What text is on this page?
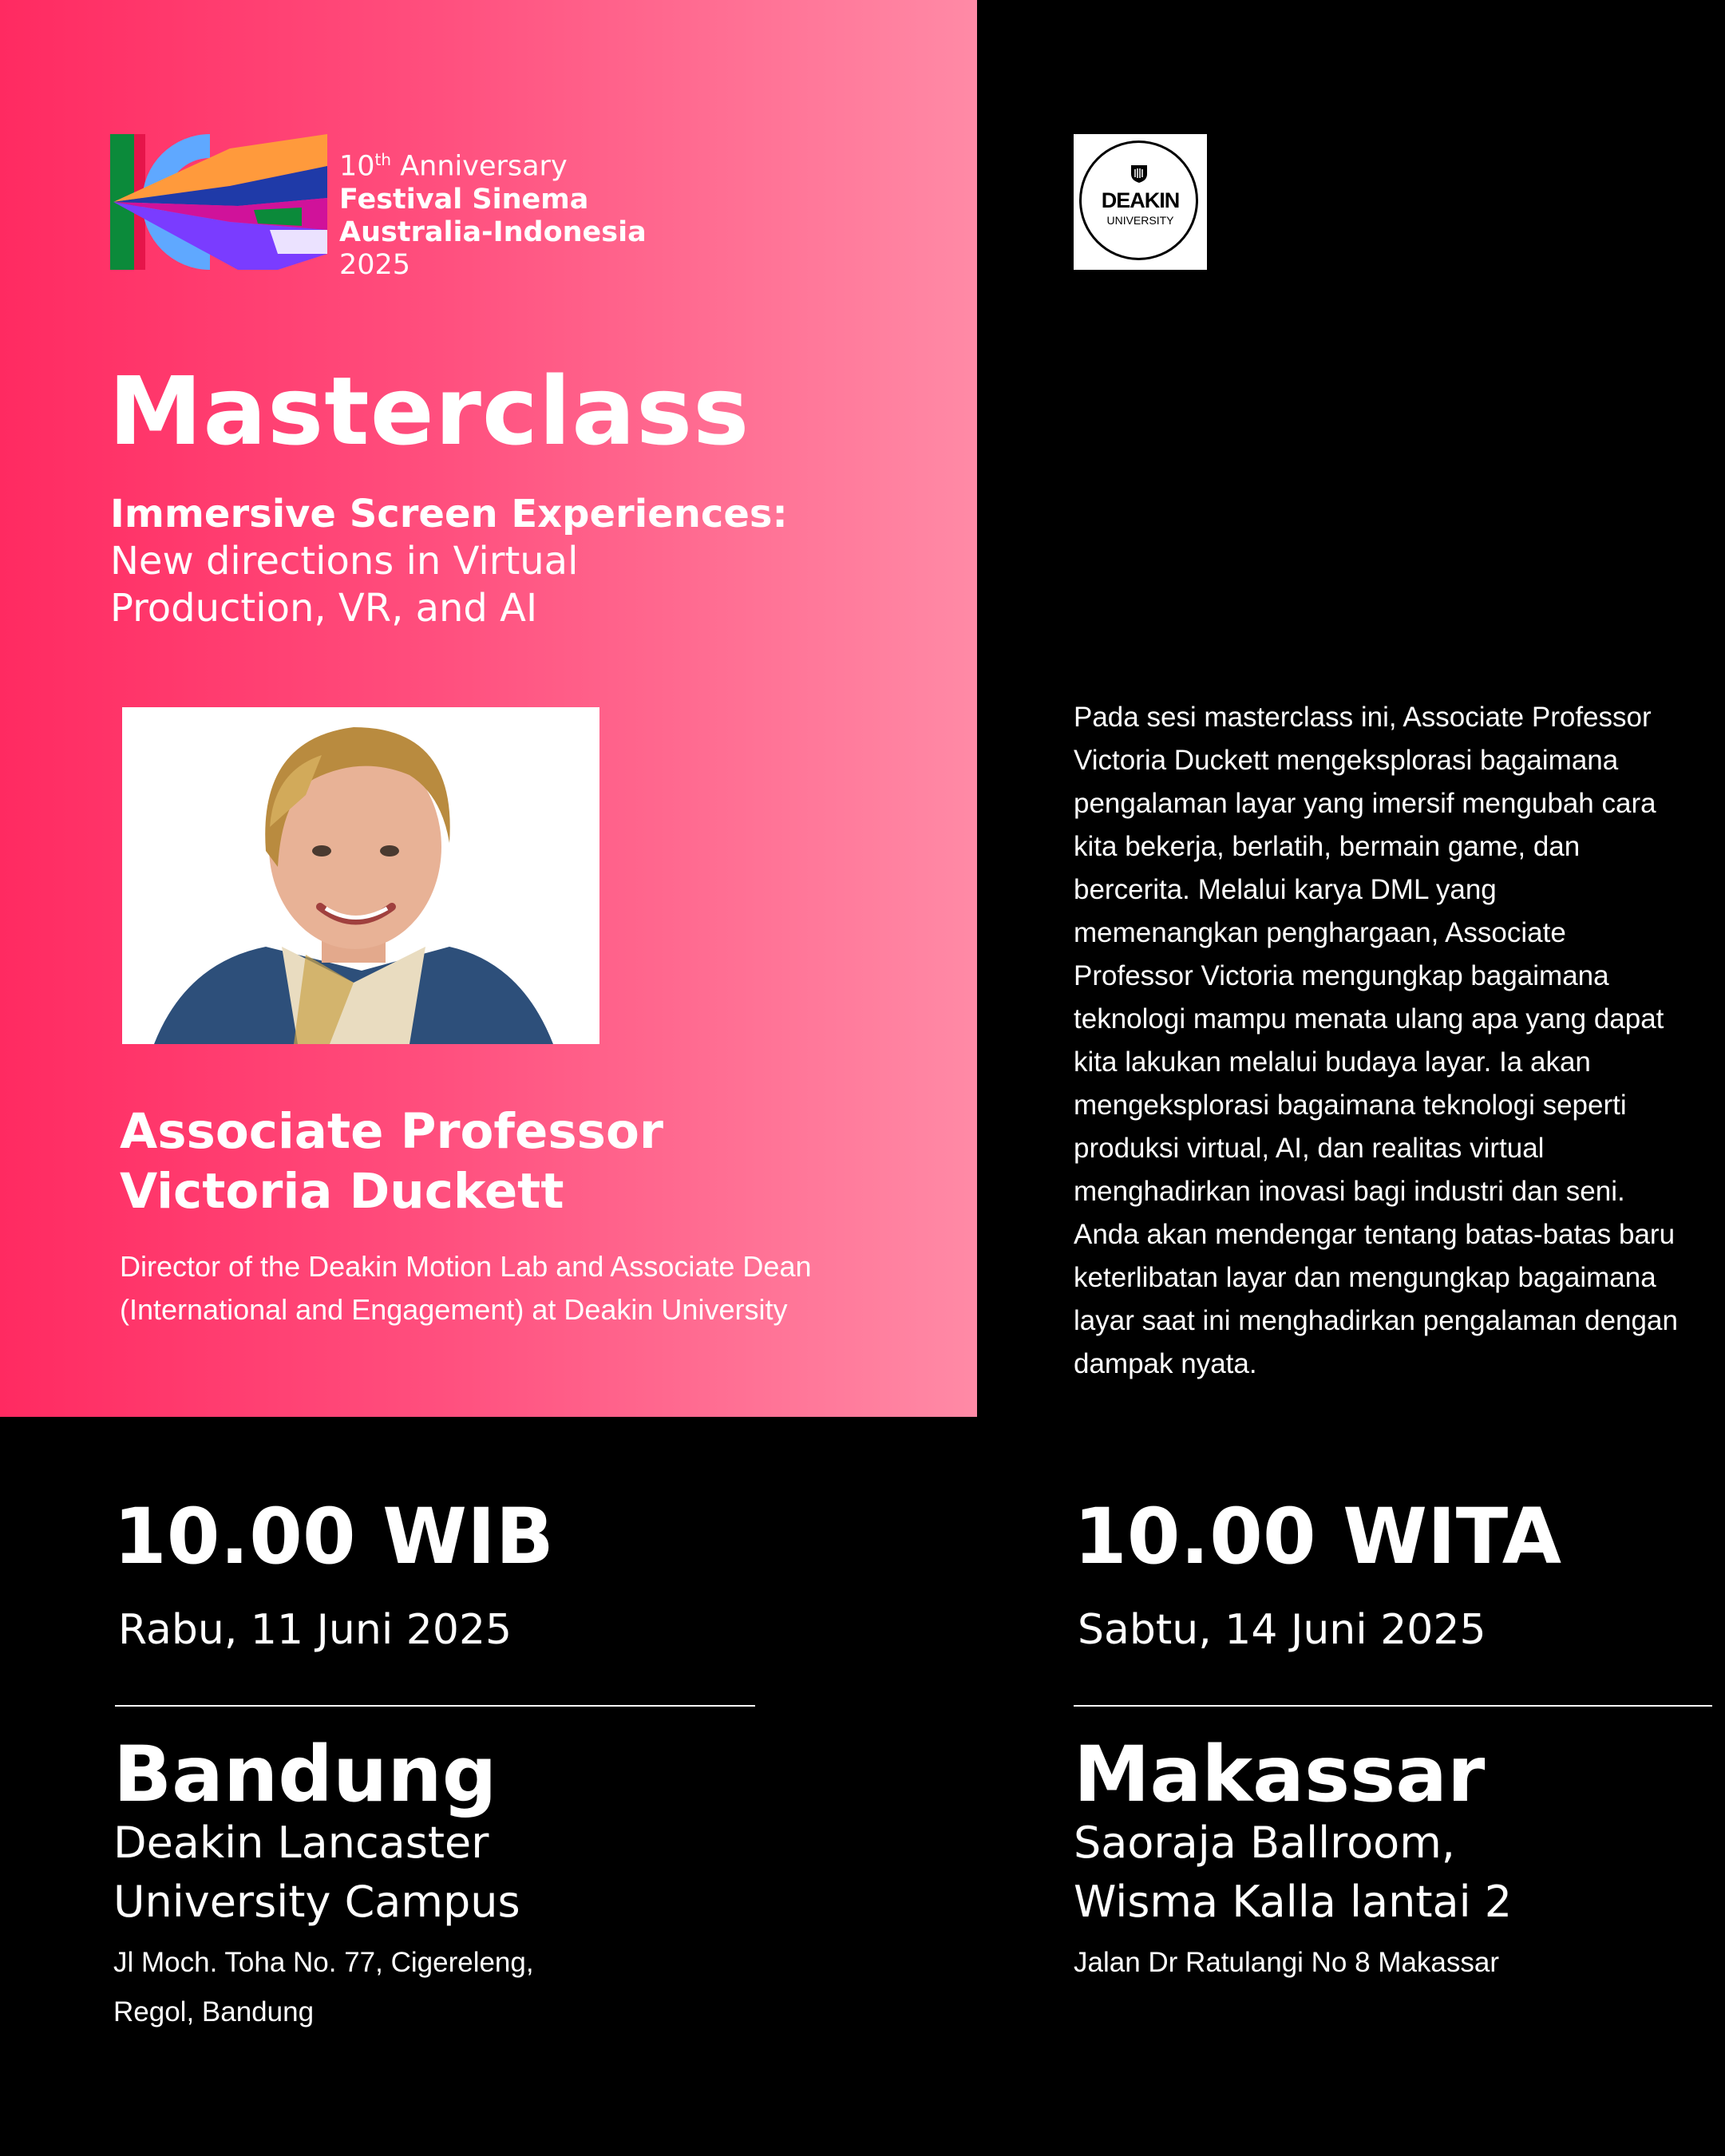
10th Anniversary
Festival Sinema
Australia-Indonesia
2025
DEAKIN
UNIVERSITY
Masterclass
Immersive Screen Experiences:
New directions in Virtual
Production, VR, and AI
Associate Professor
Victoria Duckett
Director of the Deakin Motion Lab and Associate Dean
(International and Engagement) at Deakin University
Pada sesi masterclass ini, Associate Professor Victoria Duckett mengeksplorasi bagaimana pengalaman layar yang imersif mengubah cara kita bekerja, berlatih, bermain game, dan bercerita. Melalui karya DML yang memenangkan penghargaan, Associate Professor Victoria mengungkap bagaimana teknologi mampu menata ulang apa yang dapat kita lakukan melalui budaya layar. Ia akan mengeksplorasi bagaimana teknologi seperti produksi virtual, AI, dan realitas virtual menghadirkan inovasi bagi industri dan seni. Anda akan mendengar tentang batas-batas baru keterlibatan layar dan mengungkap bagaimana layar saat ini menghadirkan pengalaman dengan dampak nyata.
10.00 WIB
Rabu, 11 Juni 2025
Bandung
Deakin Lancaster
University Campus
Jl Moch. Toha No. 77, Cigereleng,
Regol, Bandung
10.00 WITA
Sabtu, 14 Juni 2025
Makassar
Saoraja Ballroom,
Wisma Kalla lantai 2
Jalan Dr Ratulangi No 8 Makassar
